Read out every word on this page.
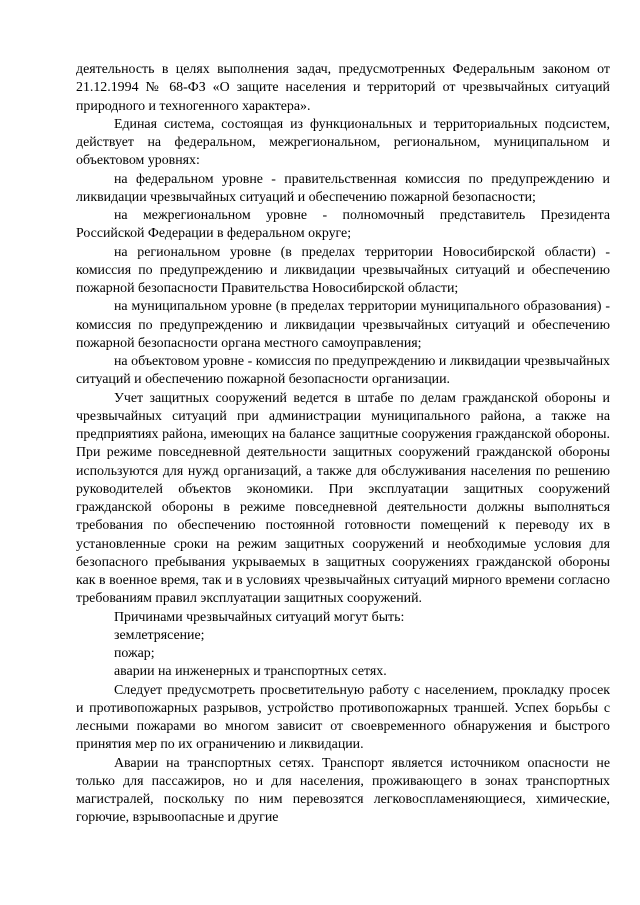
деятельность в целях выполнения задач, предусмотренных Федеральным законом от 21.12.1994 № 68-ФЗ «О защите населения и территорий от чрезвычайных ситуаций природного и техногенного характера».

Единая система, состоящая из функциональных и территориальных подсистем, действует на федеральном, межрегиональном, региональном, муниципальном и объектовом уровнях:

на федеральном уровне - правительственная комиссия по предупреждению и ликвидации чрезвычайных ситуаций и обеспечению пожарной безопасности;

на межрегиональном уровне - полномочный представитель Президента Российской Федерации в федеральном округе;

на региональном уровне (в пределах территории Новосибирской области) - комиссия по предупреждению и ликвидации чрезвычайных ситуаций и обеспечению пожарной безопасности Правительства Новосибирской области;

на муниципальном уровне (в пределах территории муниципального образования) - комиссия по предупреждению и ликвидации чрезвычайных ситуаций и обеспечению пожарной безопасности органа местного самоуправления;

на объектовом уровне - комиссия по предупреждению и ликвидации чрезвычайных ситуаций и обеспечению пожарной безопасности организации.

Учет защитных сооружений ведется в штабе по делам гражданской обороны и чрезвычайных ситуаций при администрации муниципального района, а также на предприятиях района, имеющих на балансе защитные сооружения гражданской обороны. При режиме повседневной деятельности защитных сооружений гражданской обороны используются для нужд организаций, а также для обслуживания населения по решению руководителей объектов экономики. При эксплуатации защитных сооружений гражданской обороны в режиме повседневной деятельности должны выполняться требования по обеспечению постоянной готовности помещений к переводу их в установленные сроки на режим защитных сооружений и необходимые условия для безопасного пребывания укрываемых в защитных сооружениях гражданской обороны как в военное время, так и в условиях чрезвычайных ситуаций мирного времени согласно требованиям правил эксплуатации защитных сооружений.

Причинами чрезвычайных ситуаций могут быть:

землетрясение;

пожар;

аварии на инженерных и транспортных сетях.

Следует предусмотреть просветительную работу с населением, прокладку просек и противопожарных разрывов, устройство противопожарных траншей. Успех борьбы с лесными пожарами во многом зависит от своевременного обнаружения и быстрого принятия мер по их ограничению и ликвидации.

Аварии на транспортных сетях. Транспорт является источником опасности не только для пассажиров, но и для населения, проживающего в зонах транспортных магистралей, поскольку по ним перевозятся легковоспламеняющиеся, химические, горючие, взрывоопасные и другие
